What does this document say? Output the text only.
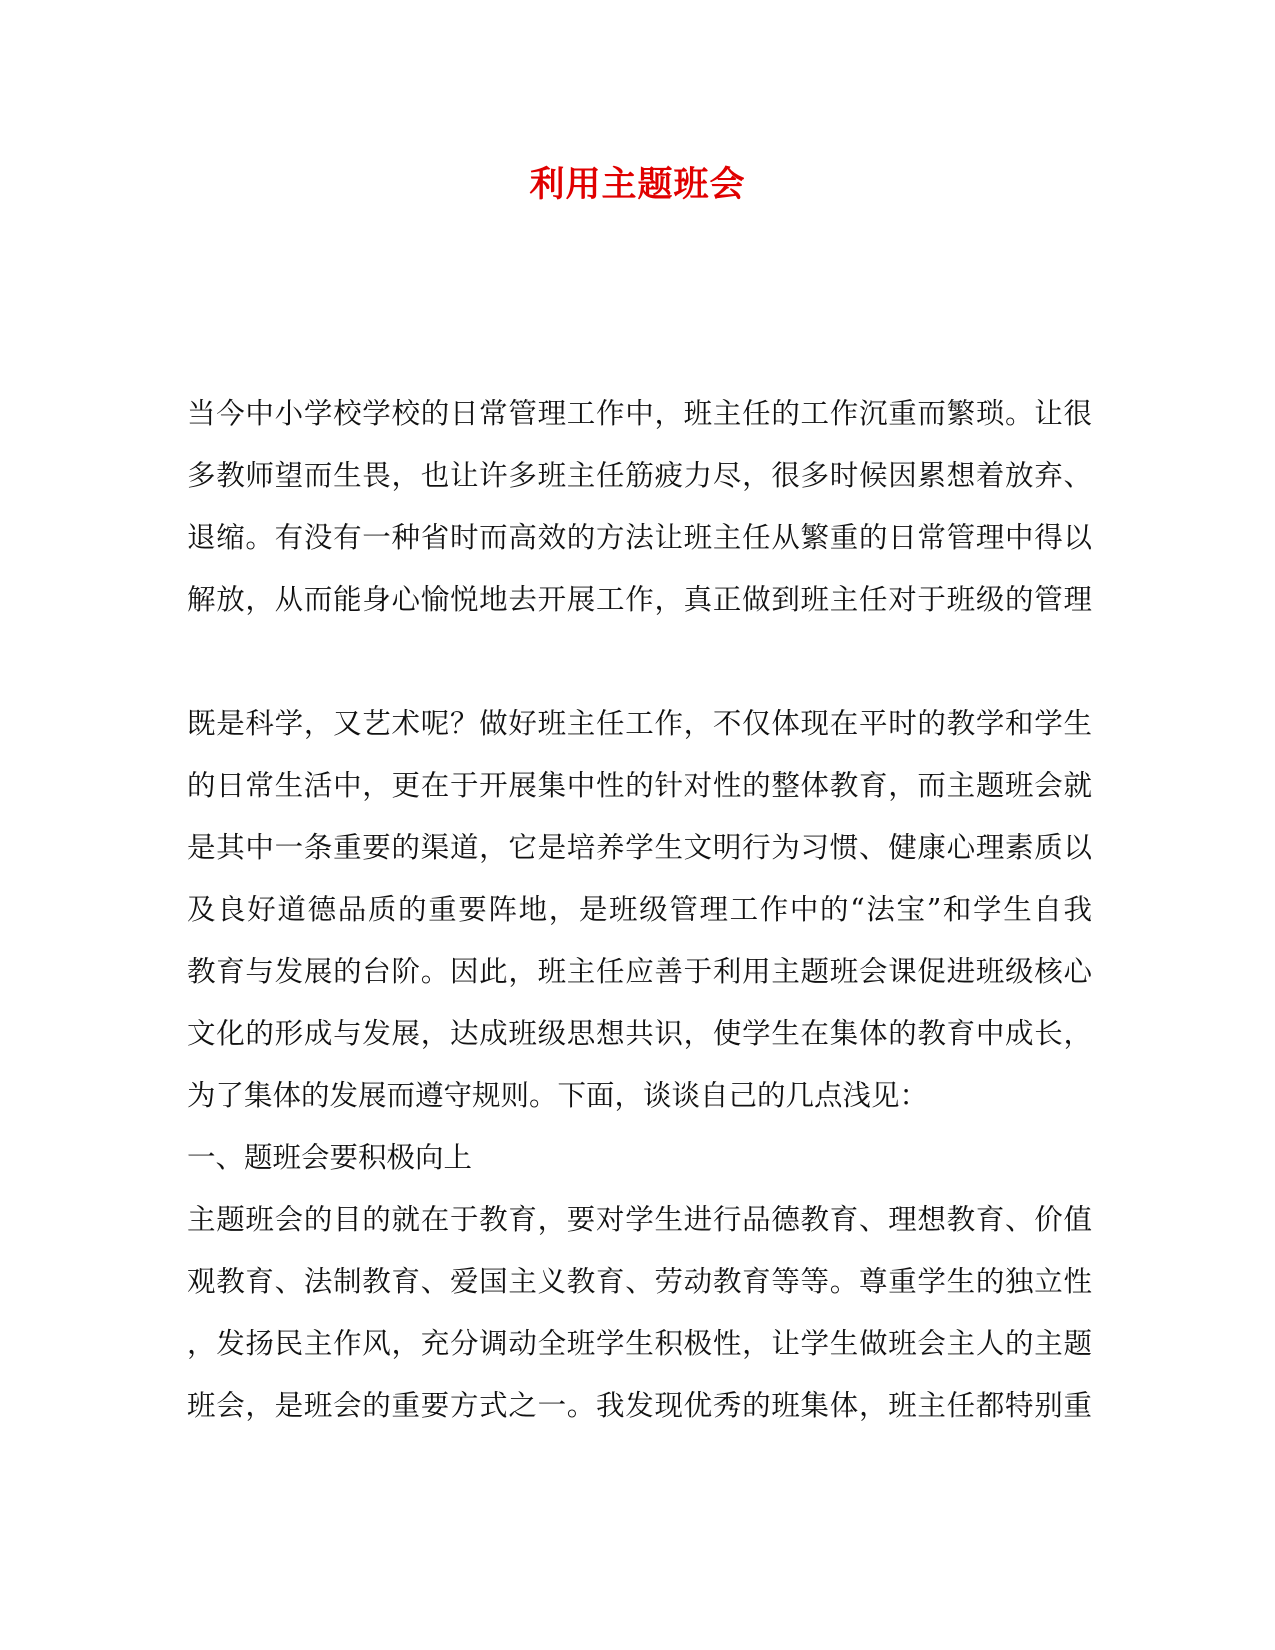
利用主题班会

当今中小学校学校的日常管理工作中，班主任的工作沉重而繁琐。让很

多教师望而生畏，也让许多班主任筋疲力尽，很多时候因累想着放弃、

退缩。有没有一种省时而高效的方法让班主任从繁重的日常管理中得以

解放，从而能身心愉悦地去开展工作，真正做到班主任对于班级的管理

既是科学，又艺术呢？做好班主任工作，不仅体现在平时的教学和学生

的日常生活中，更在于开展集中性的针对性的整体教育，而主题班会就

是其中一条重要的渠道，它是培养学生文明行为习惯、健康心理素质以

及良好道德品质的重要阵地，是班级管理工作中的“法宝”和学生自我

教育与发展的台阶。因此，班主任应善于利用主题班会课促进班级核心

文化的形成与发展，达成班级思想共识，使学生在集体的教育中成长，

为了集体的发展而遵守规则。下面，谈谈自己的几点浅见：

一、题班会要积极向上

主题班会的目的就在于教育，要对学生进行品德教育、理想教育、价值

观教育、法制教育、爱国主义教育、劳动教育等等。尊重学生的独立性

，发扬民主作风，充分调动全班学生积极性，让学生做班会主人的主题

班会，是班会的重要方式之一。我发现优秀的班集体，班主任都特别重
